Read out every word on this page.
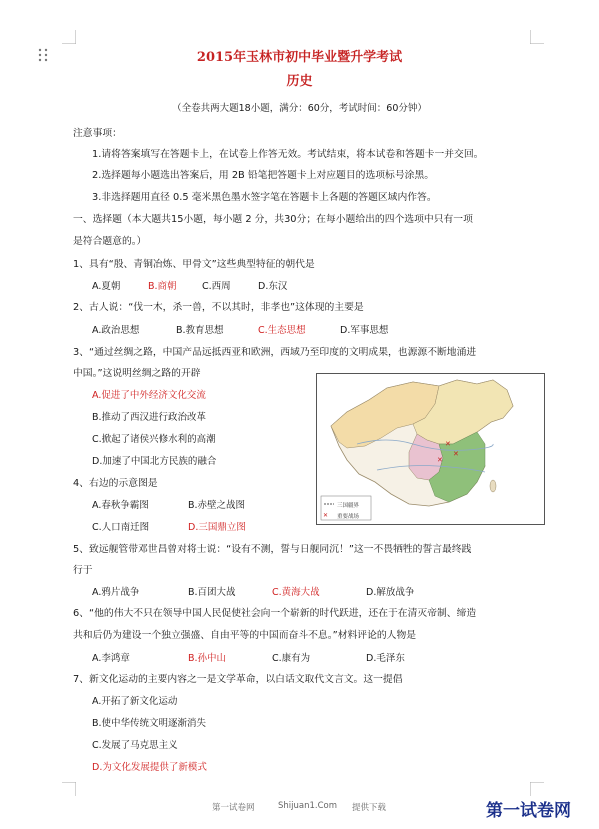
2015年玉林市初中毕业暨升学考试
历史
（全卷共两大题18小题，满分：60分，考试时间：60分钟）
注意事项：
1.请将答案填写在答题卡上，在试卷上作答无效。考试结束，将本试卷和答题卡一并交回。
2.选择题每小题选出答案后，用 2B 铅笔把答题卡上对应题目的选项标号涂黑。
3.非选择题用直径 0.5 毫米黑色墨水签字笔在答题卡上各题的答题区域内作答。
一、选择题（本大题共15小题，每小题 2 分，共30分；在每小题给出的四个选项中只有一项
是符合题意的。）
1、具有“殷、青铜冶炼、甲骨文”这些典型特征的朝代是
A.夏朝	B.商朝	C.西周	D.东汉
2、古人说：“伐一木，杀一兽，不以其时，非孝也”这体现的主要是
A.政治思想	B.教育思想	C.生态思想	D.军事思想
3、“通过丝绸之路，中国产品远抵西亚和欧洲，西域乃至印度的文明成果，也源源不断地涌进
中国。”这说明丝绸之路的开辟
A.促进了中外经济文化交流
B.推动了西汉进行政治改革
C.掀起了诸侯兴修水利的高潮
D.加速了中国北方民族的融合
4、右边的示意图是
A.春秋争霸图	B.赤壁之战图
C.人口南迁图	D.三国鼎立图
✕
✕
✕
✕
三国疆界
重要战场
5、致远舰管带邓世昌曾对将士说：“设有不测，誓与日舰同沉！”这一不畏牺牲的誓言最终践
行于
A.鸦片战争	B.百团大战	C.黄海大战	D.解放战争
6、“他的伟大不只在领导中国人民促使社会向一个崭新的时代跃进，还在于在清灭帝制、缔造
共和后仍为建设一个独立强盛、自由平等的中国而奋斗不息。”材料评论的人物是
A.李鸿章	B.孙中山	C.康有为	D.毛泽东
7、新文化运动的主要内容之一是文学革命，以白话文取代文言文。这一提倡
A.开拓了新文化运动
B.使中华传统文明逐渐消失
C.发展了马克思主义
D.为文化发展提供了新模式
第一试卷网	Shijuan1.Com 提供下载	第一试卷网
